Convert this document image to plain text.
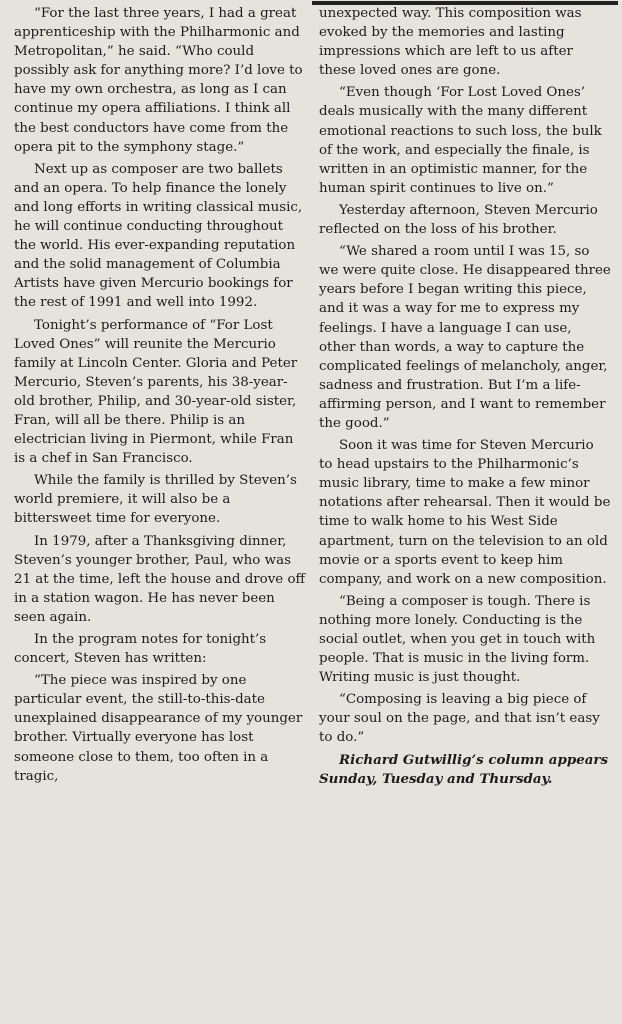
“For the last three years, I had a great apprenticeship with the Philharmonic and Metropolitan,” he said. “Who could possibly ask for anything more? I’d love to have my own orchestra, as long as I can continue my opera affiliations. I think all the best conductors have come from the opera pit to the symphony stage.”

Next up as composer are two ballets and an opera. To help finance the lonely and long efforts in writing classical music, he will continue conducting throughout the world. His ever-expanding reputation and the solid management of Columbia Artists have given Mercurio bookings for the rest of 1991 and well into 1992.

Tonight’s performance of “For Lost Loved Ones” will reunite the Mercurio family at Lincoln Center. Gloria and Peter Mercurio, Steven’s parents, his 38-year-old brother, Philip, and 30-year-old sister, Fran, will all be there. Philip is an electrician living in Piermont, while Fran is a chef in San Francisco.

While the family is thrilled by Steven’s world premiere, it will also be a bittersweet time for everyone.

In 1979, after a Thanksgiving dinner, Steven’s younger brother, Paul, who was 21 at the time, left the house and drove off in a station wagon. He has never been seen again.

In the program notes for tonight’s concert, Steven has written:

“The piece was inspired by one particular event, the still-to-this-date unexplained disappearance of my younger brother. Virtually everyone has lost someone close to them, too often in a tragic,

unexpected way. This composition was evoked by the memories and lasting impressions which are left to us after these loved ones are gone.

“Even though ‘For Lost Loved Ones’ deals musically with the many different emotional reactions to such loss, the bulk of the work, and especially the finale, is written in an optimistic manner, for the human spirit continues to live on.”

Yesterday afternoon, Steven Mercurio reflected on the loss of his brother.

“We shared a room until I was 15, so we were quite close. He disappeared three years before I began writing this piece, and it was a way for me to express my feelings. I have a language I can use, other than words, a way to capture the complicated feelings of melancholy, anger, sadness and frustration. But I’m a life-affirming person, and I want to remember the good.”

Soon it was time for Steven Mercurio to head upstairs to the Philharmonic’s music library, time to make a few minor notations after rehearsal. Then it would be time to walk home to his West Side apartment, turn on the television to an old movie or a sports event to keep him company, and work on a new composition.

“Being a composer is tough. There is nothing more lonely. Conducting is the social outlet, when you get in touch with people. That is music in the living form. Writing music is just thought.

“Composing is leaving a big piece of your soul on the page, and that isn’t easy to do.”

Richard Gutwillig’s column appears Sunday, Tuesday and Thursday.
